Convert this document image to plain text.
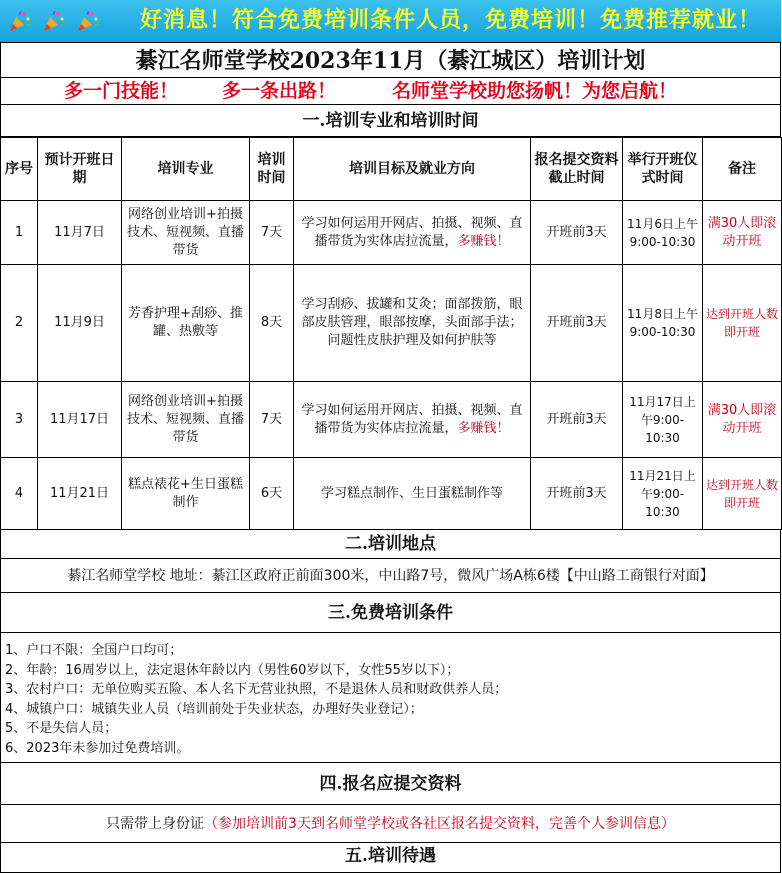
好消息！符合免费培训条件人员，免费培训！免费推荐就业！
綦江名师堂学校2023年11月（綦江城区）培训计划
多一门技能！ 多一条出路！	名师堂学校助您扬帆！为您启航！
一.培训专业和培训时间
序号	预计开班日期	培训专业	培训时间	培训目标及就业方向	报名提交资料截止时间	举行开班仪式时间	备注
1	11月7日	网络创业培训+拍摄技术、短视频、直播带货	7天	学习如何运用开网店、拍摄、视频、直播带货为实体店拉流量，多赚钱！	开班前3天	11月6日上午9:00-10:30	满30人即滚动开班
2	11月9日	芳香护理+刮痧、推罐、热敷等	8天	学习刮痧、拔罐和艾灸；面部拨筋，眼部皮肤管理，眼部按摩，头面部手法；问题性皮肤护理及如何护肤等	开班前3天	11月8日上午9:00-10:30	达到开班人数即开班
3	11月17日	网络创业培训+拍摄技术、短视频、直播带货	7天	学习如何运用开网店、拍摄、视频、直播带货为实体店拉流量，多赚钱！	开班前3天	11月17日上午9:00-10:30	满30人即滚动开班
4	11月21日	糕点裱花+生日蛋糕制作	6天	学习糕点制作、生日蛋糕制作等	开班前3天	11月21日上午9:00-10:30	达到开班人数即开班
二.培训地点
綦江名师堂学校 地址：綦江区政府正前面300米，中山路7号，微风广场A栋6楼【中山路工商银行对面】
三.免费培训条件
1、户口不限：全国户口均可；
2、年龄：16周岁以上，法定退休年龄以内（男性60岁以下，女性55岁以下）；
3、农村户口：无单位购买五险、本人名下无营业执照，不是退休人员和财政供养人员；
4、城镇户口：城镇失业人员（培训前处于失业状态，办理好失业登记）；
5、不是失信人员；
6、2023年未参加过免费培训。
四.报名应提交资料
只需带上身份证（参加培训前3天到名师堂学校或各社区报名提交资料，完善个人参训信息）
五.培训待遇
